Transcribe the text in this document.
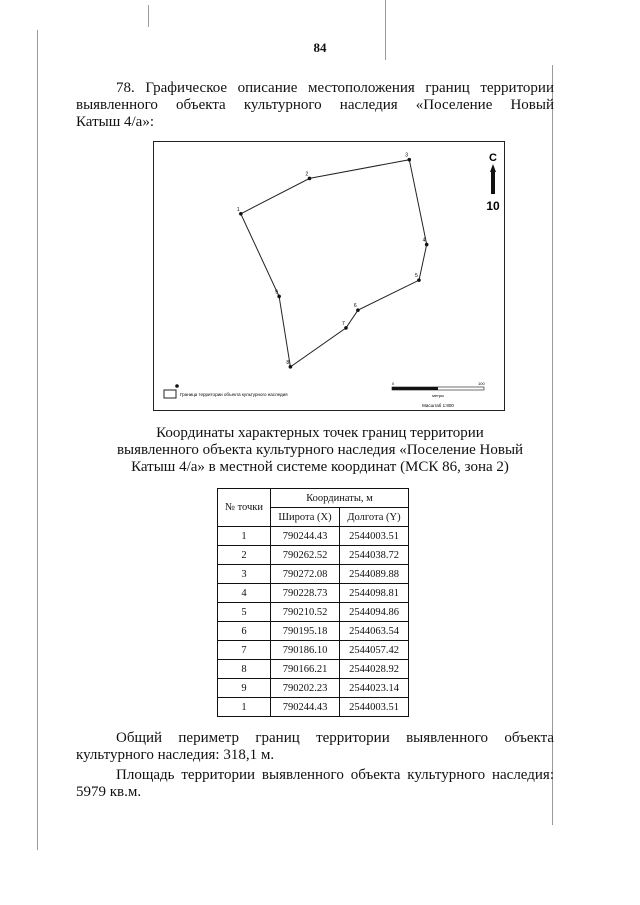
84
78. Графическое описание местоположения границ территории
выявленного объекта культурного наследия «Поселение Новый
Катыш 4/а»:
1
2
3
4
5
6
7
8
9
С
10
Граница территории объекта культурного наследия
0	100
метры
Масштаб 1:800
Координаты характерных точек границ территории
выявленного объекта культурного наследия «Поселение Новый
Катыш 4/а» в местной системе координат (МСК 86, зона 2)
№ точки	Координаты, м	
	Широта (X)	Долгота (Y)
1	790244.43	2544003.51
2	790262.52	2544038.72
3	790272.08	2544089.88
4	790228.73	2544098.81
5	790210.52	2544094.86
6	790195.18	2544063.54
7	790186.10	2544057.42
8	790166.21	2544028.92
9	790202.23	2544023.14
1	790244.43	2544003.51
Общий периметр границ территории выявленного объекта
культурного наследия: 318,1 м.
Площадь территории выявленного объекта культурного наследия:
5979 кв.м.
